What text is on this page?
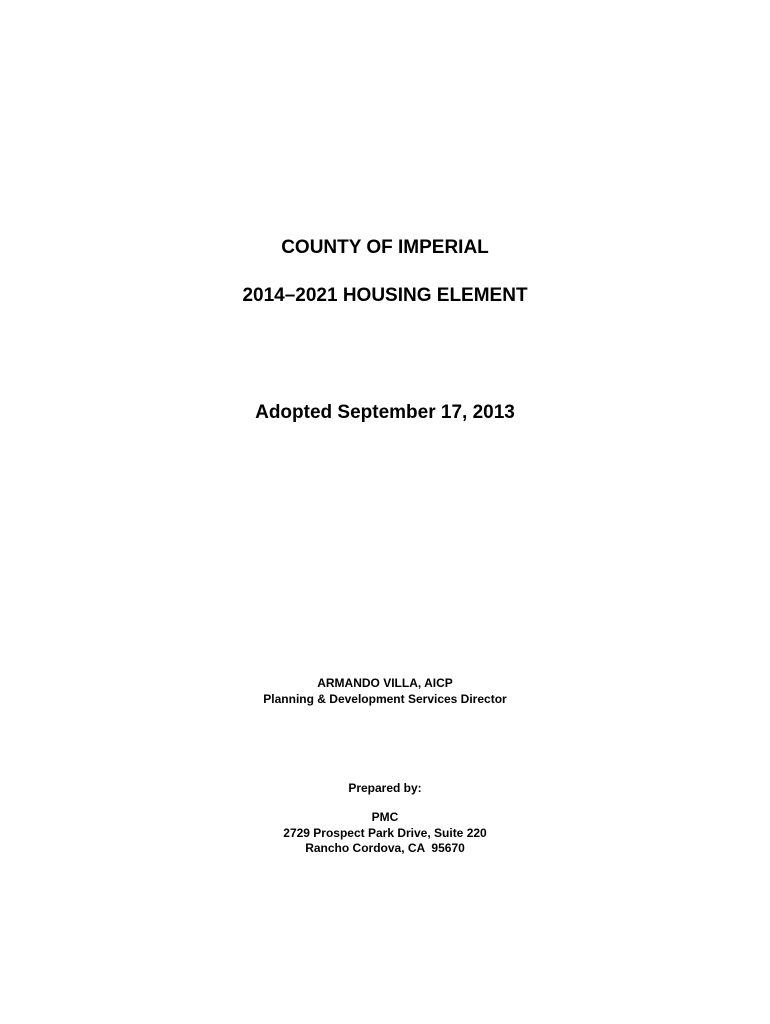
COUNTY OF IMPERIAL
2014–2021 HOUSING ELEMENT

Adopted September 17, 2013

ARMANDO VILLA, AICP

Planning & Development Services Director

Prepared by:

PMC

2729 Prospect Park Drive, Suite 220

Rancho Cordova, CA  95670
